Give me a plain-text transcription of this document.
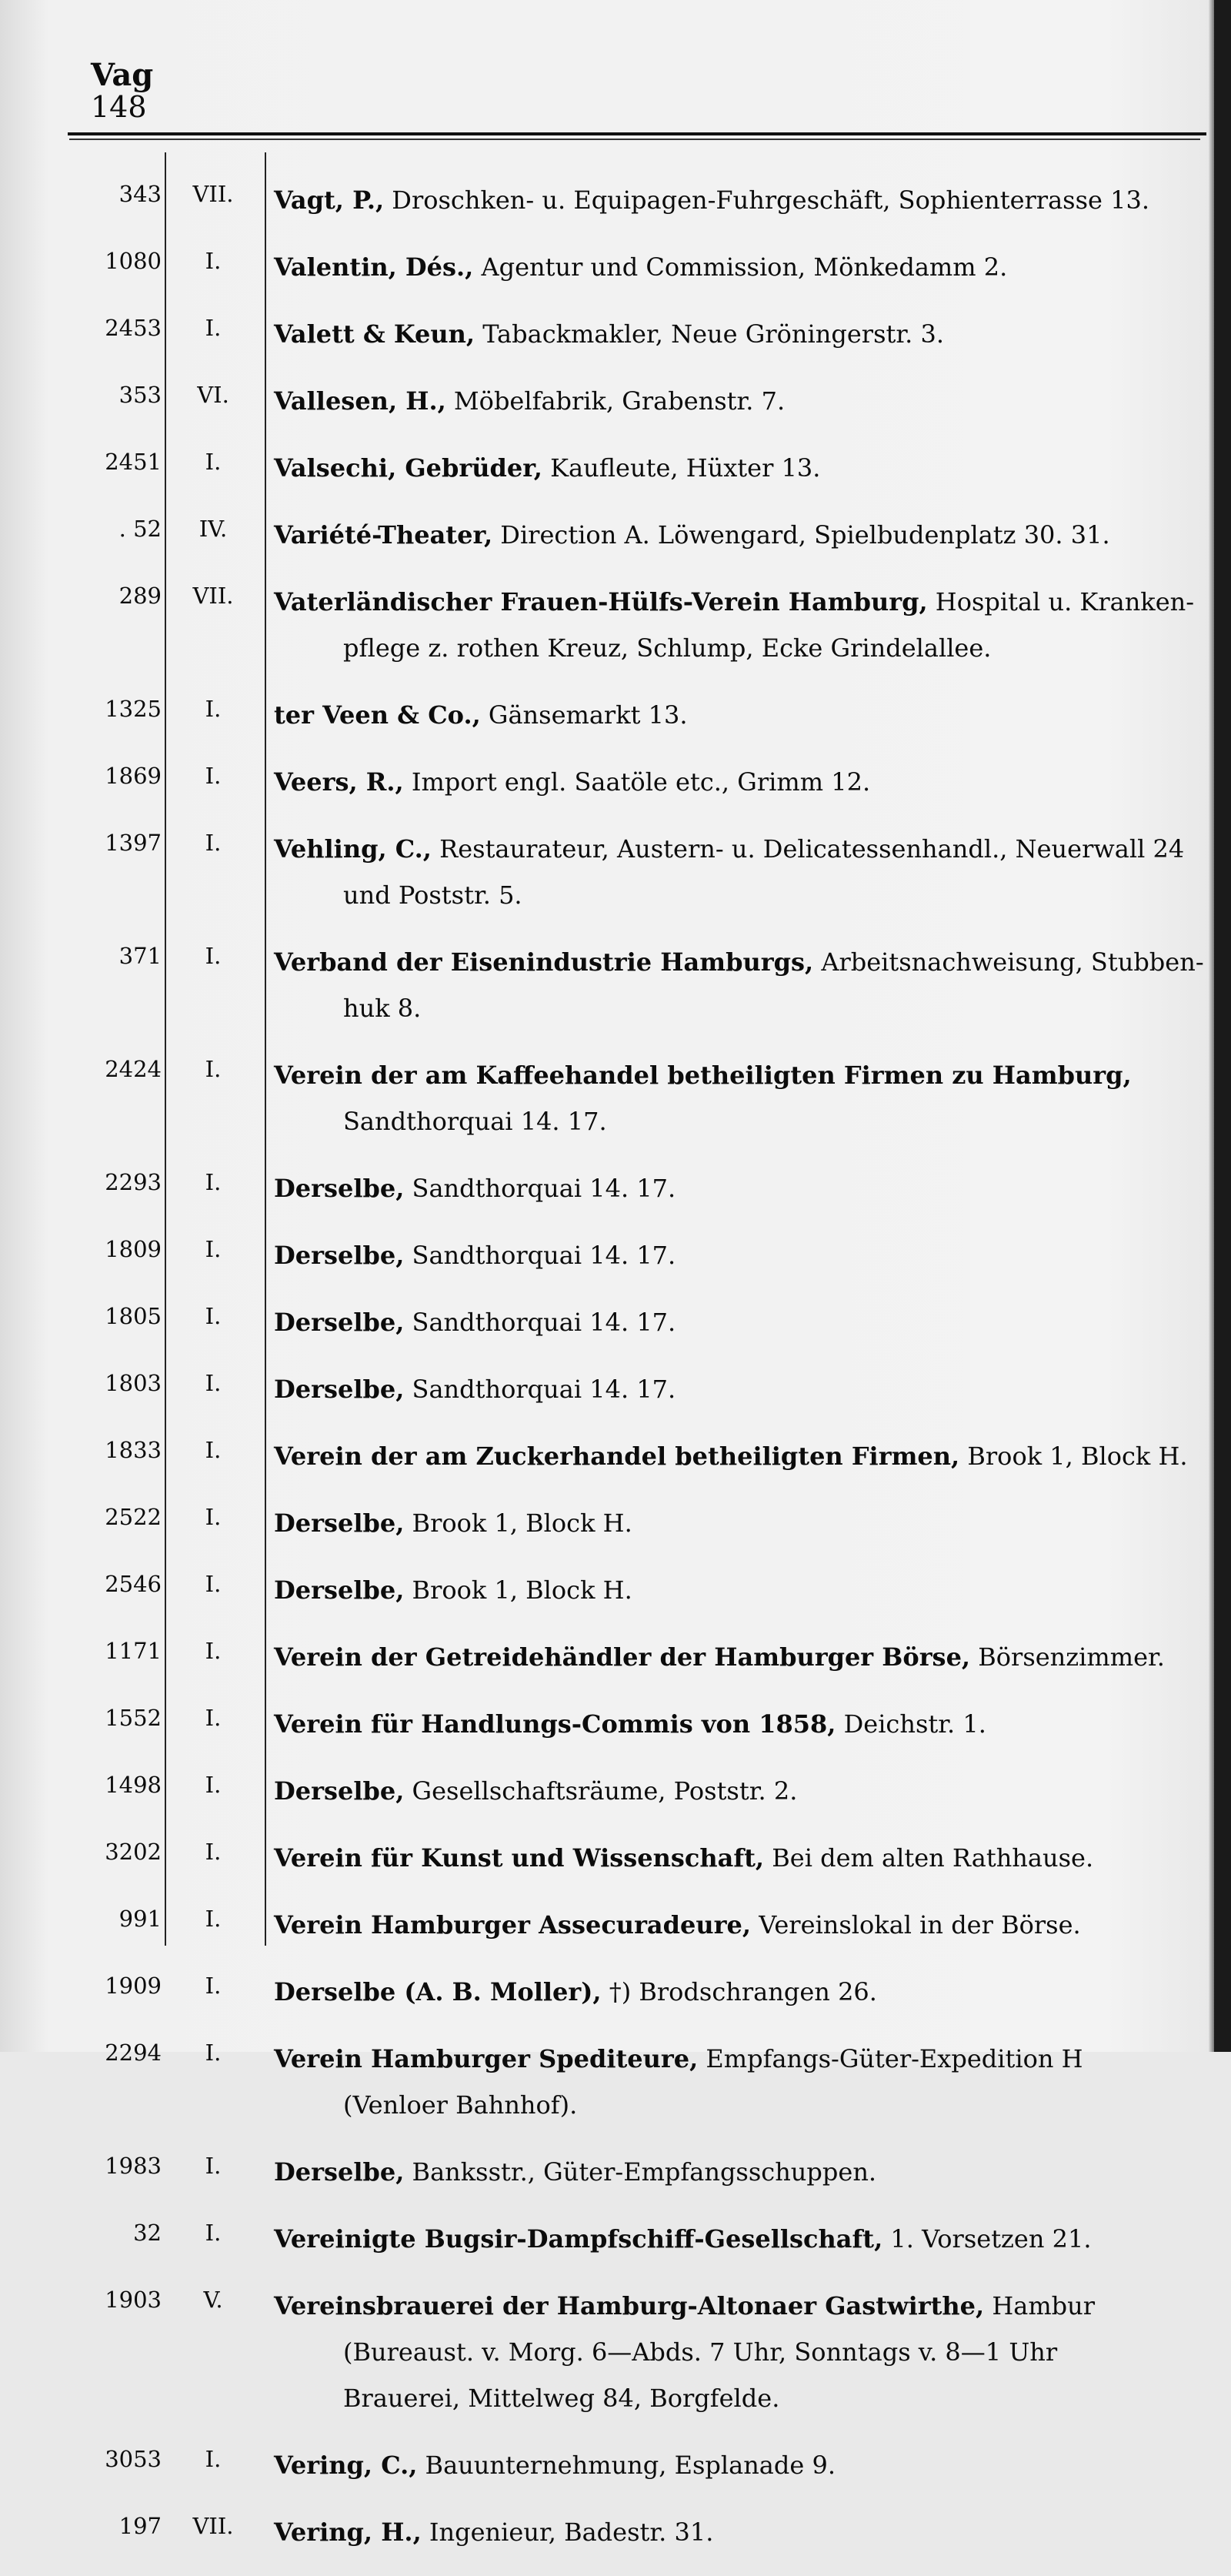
Vag
148
343	VII.	Vagt, P., Droschken- u. Equipagen-Fuhrgeschäft, Sophienterrasse 13.
1080	I.	Valentin, Dés., Agentur und Commission, Mönkedamm 2.
2453	I.	Valett & Keun, Tabackmakler, Neue Gröningerstr. 3.
353	VI.	Vallesen, H., Möbelfabrik, Grabenstr. 7.
2451	I.	Valsechi, Gebrüder, Kaufleute, Hüxter 13.
. 52	IV.	Variété-Theater, Direction A. Löwengard, Spielbudenplatz 30. 31.
289	VII.	Vaterländischer Frauen-Hülfs-Verein Hamburg, Hospital u. Kranken-
pflege z. rothen Kreuz, Schlump, Ecke Grindelallee.
1325	I.	ter Veen & Co., Gänsemarkt 13.
1869	I.	Veers, R., Import engl. Saatöle etc., Grimm 12.
1397	I.	Vehling, C., Restaurateur, Austern- u. Delicatessenhandl., Neuerwall 24
und Poststr. 5.
371	I.	Verband der Eisenindustrie Hamburgs, Arbeitsnachweisung, Stubben-
huk 8.
2424	I.	Verein der am Kaffeehandel betheiligten Firmen zu Hamburg,
Sandthorquai 14. 17.
2293	I.	Derselbe, Sandthorquai 14. 17.
1809	I.	Derselbe, Sandthorquai 14. 17.
1805	I.	Derselbe, Sandthorquai 14. 17.
1803	I.	Derselbe, Sandthorquai 14. 17.
1833	I.	Verein der am Zuckerhandel betheiligten Firmen, Brook 1, Block H.
2522	I.	Derselbe, Brook 1, Block H.
2546	I.	Derselbe, Brook 1, Block H.
1171	I.	Verein der Getreidehändler der Hamburger Börse, Börsenzimmer.
1552	I.	Verein für Handlungs-Commis von 1858, Deichstr. 1.
1498	I.	Derselbe, Gesellschaftsräume, Poststr. 2.
3202	I.	Verein für Kunst und Wissenschaft, Bei dem alten Rathhause.
991	I.	Verein Hamburger Assecuradeure, Vereinslokal in der Börse.
1909	I.	Derselbe (A. B. Moller), †) Brodschrangen 26.
2294	I.	Verein Hamburger Spediteure, Empfangs-Güter-Expedition H
(Venloer Bahnhof).
1983	I.	Derselbe, Banksstr., Güter-Empfangsschuppen.
32	I.	Vereinigte Bugsir-Dampfschiff-Gesellschaft, 1. Vorsetzen 21.
1903	V.	Vereinsbrauerei der Hamburg-Altonaer Gastwirthe, Hambur
(Bureaust. v. Morg. 6—Abds. 7 Uhr, Sonntags v. 8—1 Uhr
Brauerei, Mittelweg 84, Borgfelde.
3053	I.	Vering, C., Bauunternehmung, Esplanade 9.
197	VII.	Vering, H., Ingenieur, Badestr. 31.
